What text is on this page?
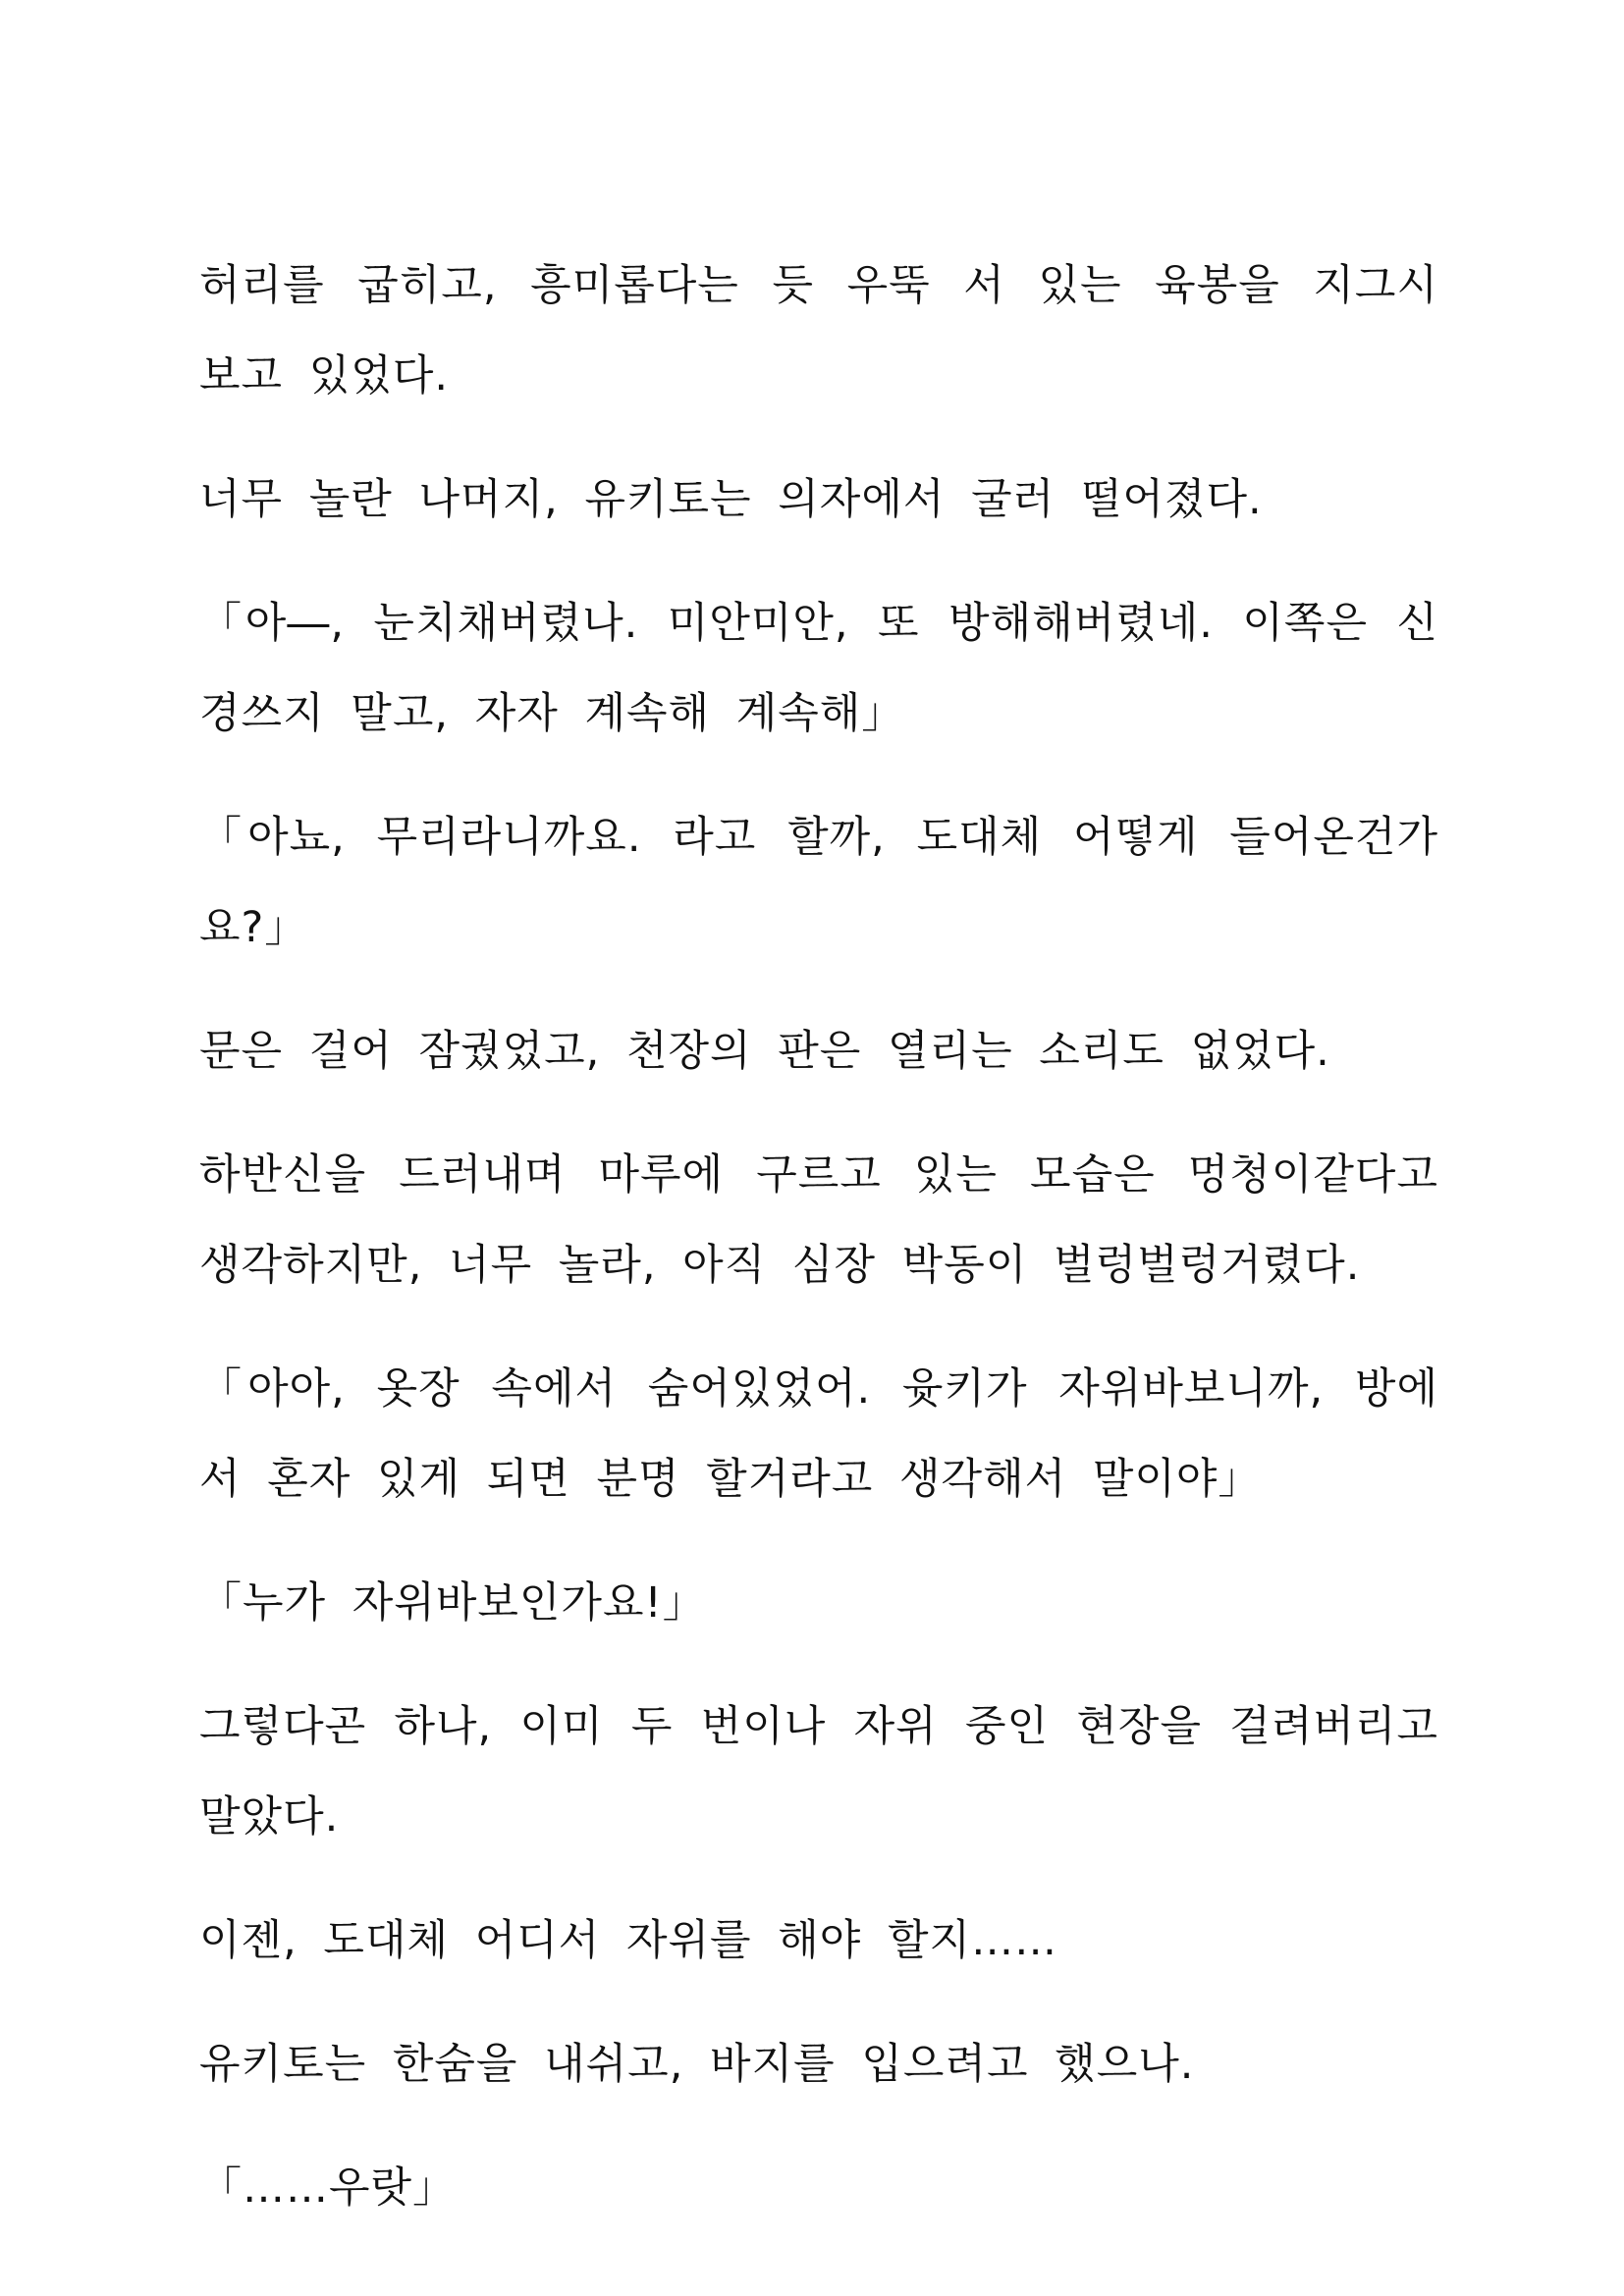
허리를 굽히고, 흥미롭다는 듯 우뚝 서 있는 육봉을 지그시 보고 있었다.

너무 놀란 나머지, 유키토는 의자에서 굴러 떨어졌다.

「아―, 눈치채버렸나. 미안미안, 또 방해해버렸네. 이쪽은 신경쓰지 말고, 자자 계속해 계속해」

「아뇨, 무리라니까요. 라고 할까, 도대체 어떻게 들어온건가요?」

문은 걸어 잠궜었고, 천장의 판은 열리는 소리도 없었다.

하반신을 드러내며 마루에 구르고 있는 모습은 멍청이같다고 생각하지만, 너무 놀라, 아직 심장 박동이 벌렁벌렁거렸다.

「아아, 옷장 속에서 숨어있었어. 윳키가 자위바보니까, 방에서 혼자 있게 되면 분명 할거라고 생각해서 말이야」

「누가 자위바보인가요!」

그렇다곤 하나, 이미 두 번이나 자위 중인 현장을 걸려버리고 말았다.

이젠, 도대체 어디서 자위를 해야 할지……

유키토는 한숨을 내쉬고, 바지를 입으려고 했으나.

「……우랏」
